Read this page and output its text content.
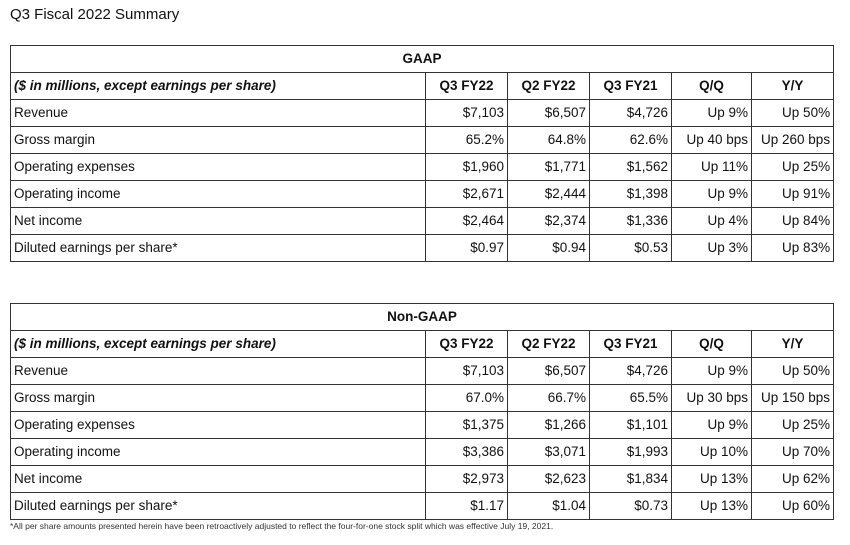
Q3 Fiscal 2022 Summary
GAAP					
($ in millions, except earnings per share)	Q3 FY22	Q2 FY22	Q3 FY21	Q/Q	Y/Y
Revenue	$7,103	$6,507	$4,726	Up 9%	Up 50%
Gross margin	65.2%	64.8%	62.6%	Up 40 bps	Up 260 bps
Operating expenses	$1,960	$1,771	$1,562	Up 11%	Up 25%
Operating income	$2,671	$2,444	$1,398	Up 9%	Up 91%
Net income	$2,464	$2,374	$1,336	Up 4%	Up 84%
Diluted earnings per share*	$0.97	$0.94	$0.53	Up 3%	Up 83%
Non-GAAP					
($ in millions, except earnings per share)	Q3 FY22	Q2 FY22	Q3 FY21	Q/Q	Y/Y
Revenue	$7,103	$6,507	$4,726	Up 9%	Up 50%
Gross margin	67.0%	66.7%	65.5%	Up 30 bps	Up 150 bps
Operating expenses	$1,375	$1,266	$1,101	Up 9%	Up 25%
Operating income	$3,386	$3,071	$1,993	Up 10%	Up 70%
Net income	$2,973	$2,623	$1,834	Up 13%	Up 62%
Diluted earnings per share*	$1.17	$1.04	$0.73	Up 13%	Up 60%
*All per share amounts presented herein have been retroactively adjusted to reflect the four-for-one stock split which was effective July 19, 2021.
